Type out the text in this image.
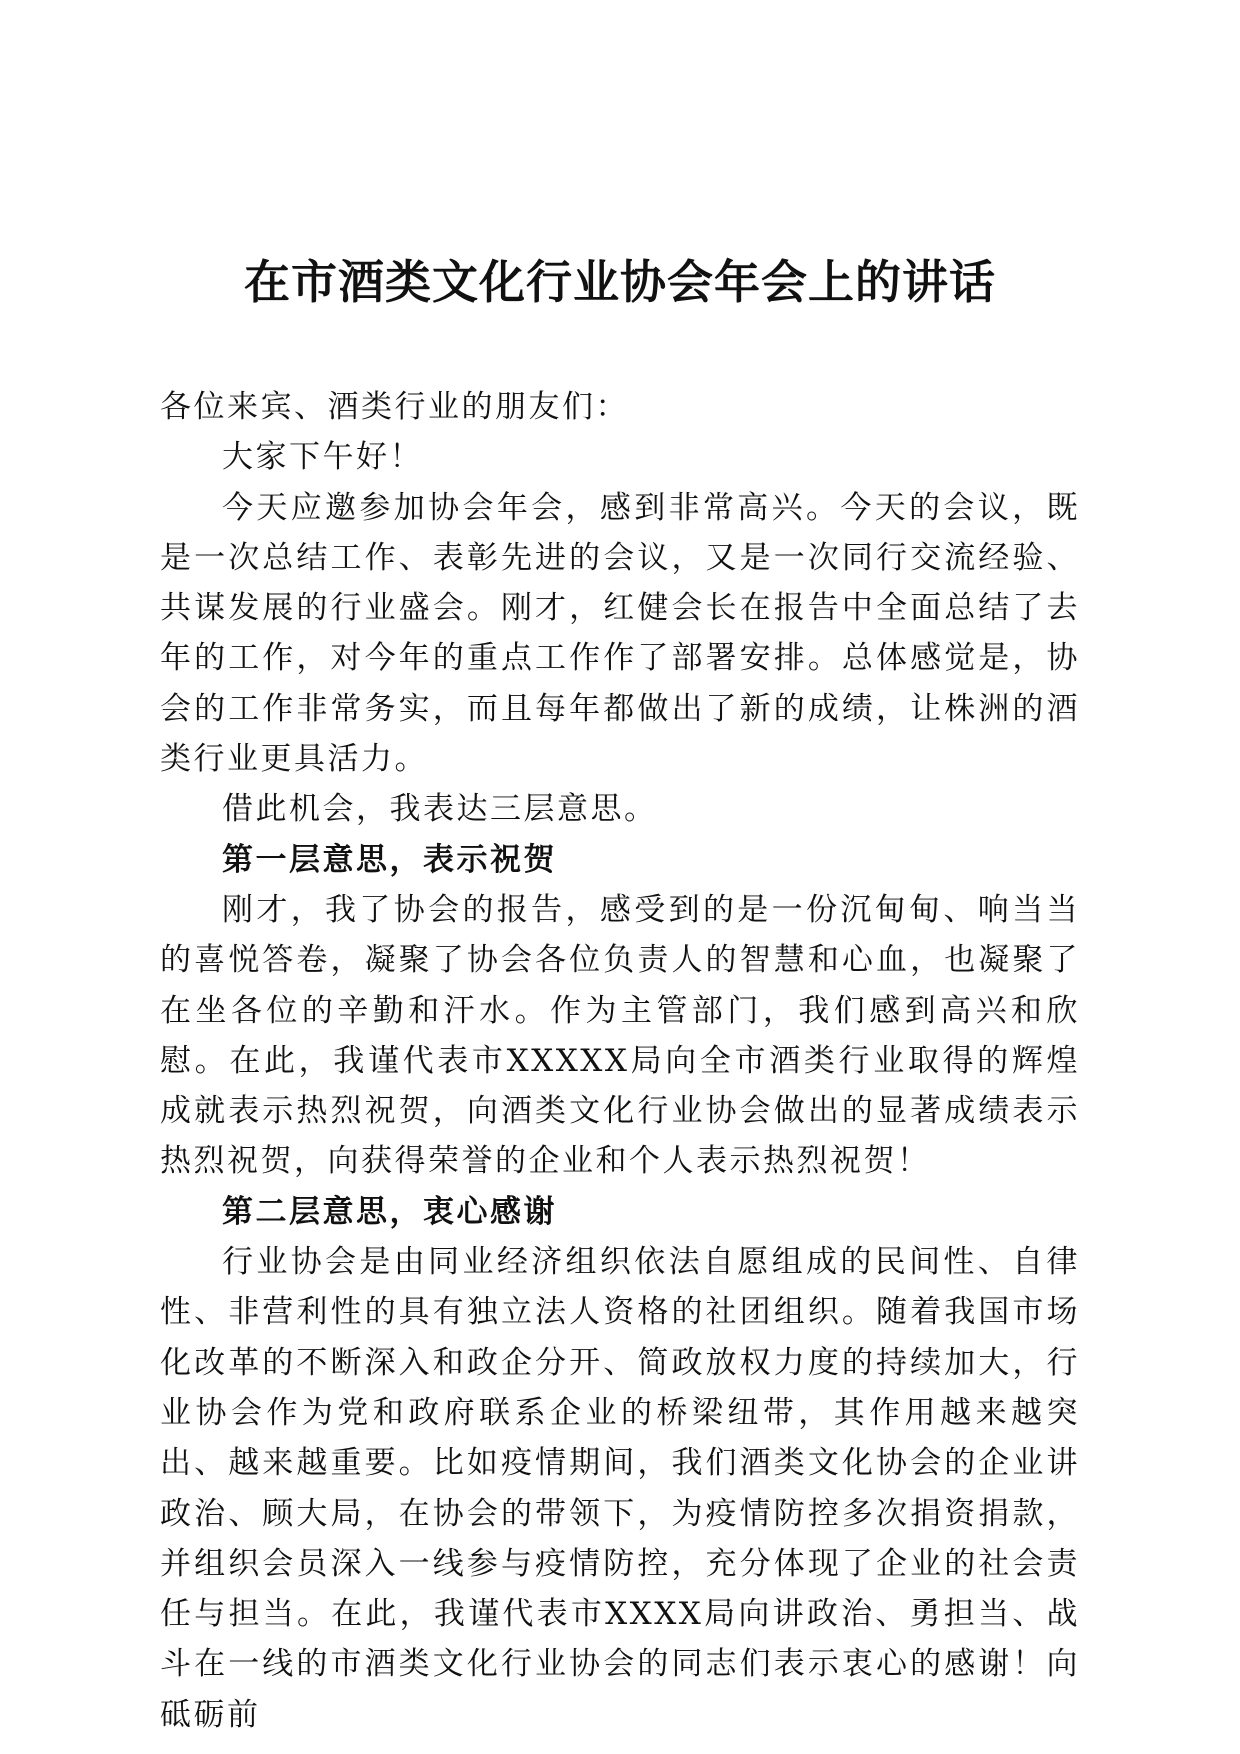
在市酒类文化行业协会年会上的讲话

各位来宾、酒类行业的朋友们：

大家下午好！

今天应邀参加协会年会，感到非常高兴。今天的会议，既是一次总结工作、表彰先进的会议，又是一次同行交流经验、共谋发展的行业盛会。刚才，红健会长在报告中全面总结了去年的工作，对今年的重点工作作了部署安排。总体感觉是，协会的工作非常务实，而且每年都做出了新的成绩，让株洲的酒类行业更具活力。

借此机会，我表达三层意思。

第一层意思，表示祝贺

刚才，我了协会的报告，感受到的是一份沉甸甸、响当当的喜悦答卷，凝聚了协会各位负责人的智慧和心血，也凝聚了在坐各位的辛勤和汗水。作为主管部门，我们感到高兴和欣慰。在此，我谨代表市XXXXX局向全市酒类行业取得的辉煌成就表示热烈祝贺，向酒类文化行业协会做出的显著成绩表示热烈祝贺，向获得荣誉的企业和个人表示热烈祝贺！

第二层意思，衷心感谢

行业协会是由同业经济组织依法自愿组成的民间性、自律性、非营利性的具有独立法人资格的社团组织。随着我国市场化改革的不断深入和政企分开、简政放权力度的持续加大，行业协会作为党和政府联系企业的桥梁纽带，其作用越来越突出、越来越重要。比如疫情期间，我们酒类文化协会的企业讲政治、顾大局，在协会的带领下，为疫情防控多次捐资捐款，并组织会员深入一线参与疫情防控，充分体现了企业的社会责任与担当。在此，我谨代表市XXXX局向讲政治、勇担当、战斗在一线的市酒类文化行业协会的同志们表示衷心的感谢！向砥砺前
